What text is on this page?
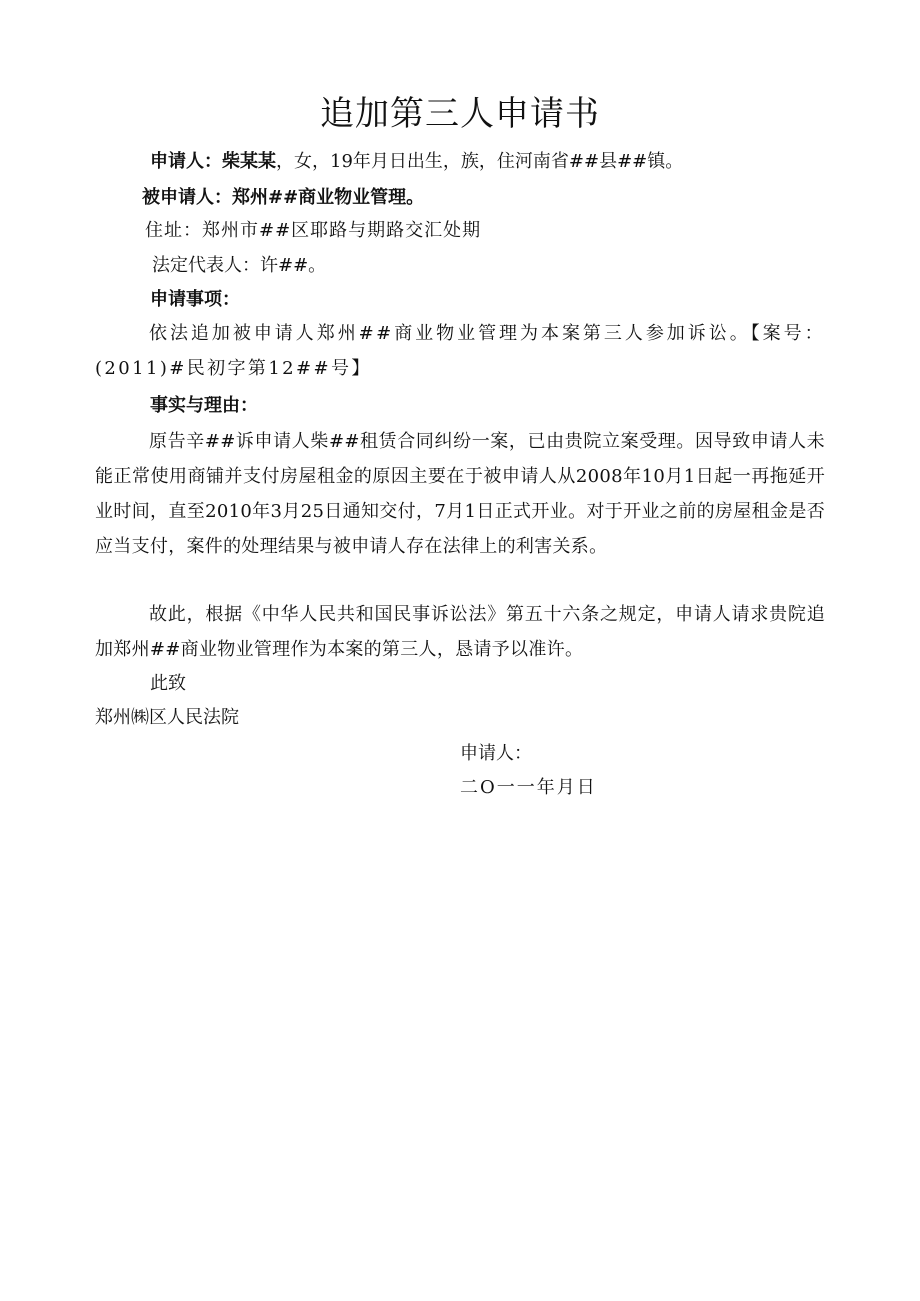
追加第三人申请书
申请人：柴某某，女，19年月日出生，族，住河南省##县##镇。
被申请人：郑州##商业物业管理。
住址：郑州市##区耶路与期路交汇处期
法定代表人：许##。
申请事项：
依法追加被申请人郑州##商业物业管理为本案第三人参加诉讼。【案号：(2011)#民初字第12##号】
事实与理由：
原告辛##诉申请人柴##租赁合同纠纷一案，已由贵院立案受理。因导致申请人未能正常使用商铺并支付房屋租金的原因主要在于被申请人从2008年10月1日起一再拖延开业时间，直至2010年3月25日通知交付，7月1日正式开业。对于开业之前的房屋租金是否应当支付，案件的处理结果与被申请人存在法律上的利害关系。
故此，根据《中华人民共和国民事诉讼法》第五十六条之规定，申请人请求贵院追加郑州##商业物业管理作为本案的第三人，恳请予以准许。
此致
郑州㈱区人民法院
申请人：
二O一一年月日
